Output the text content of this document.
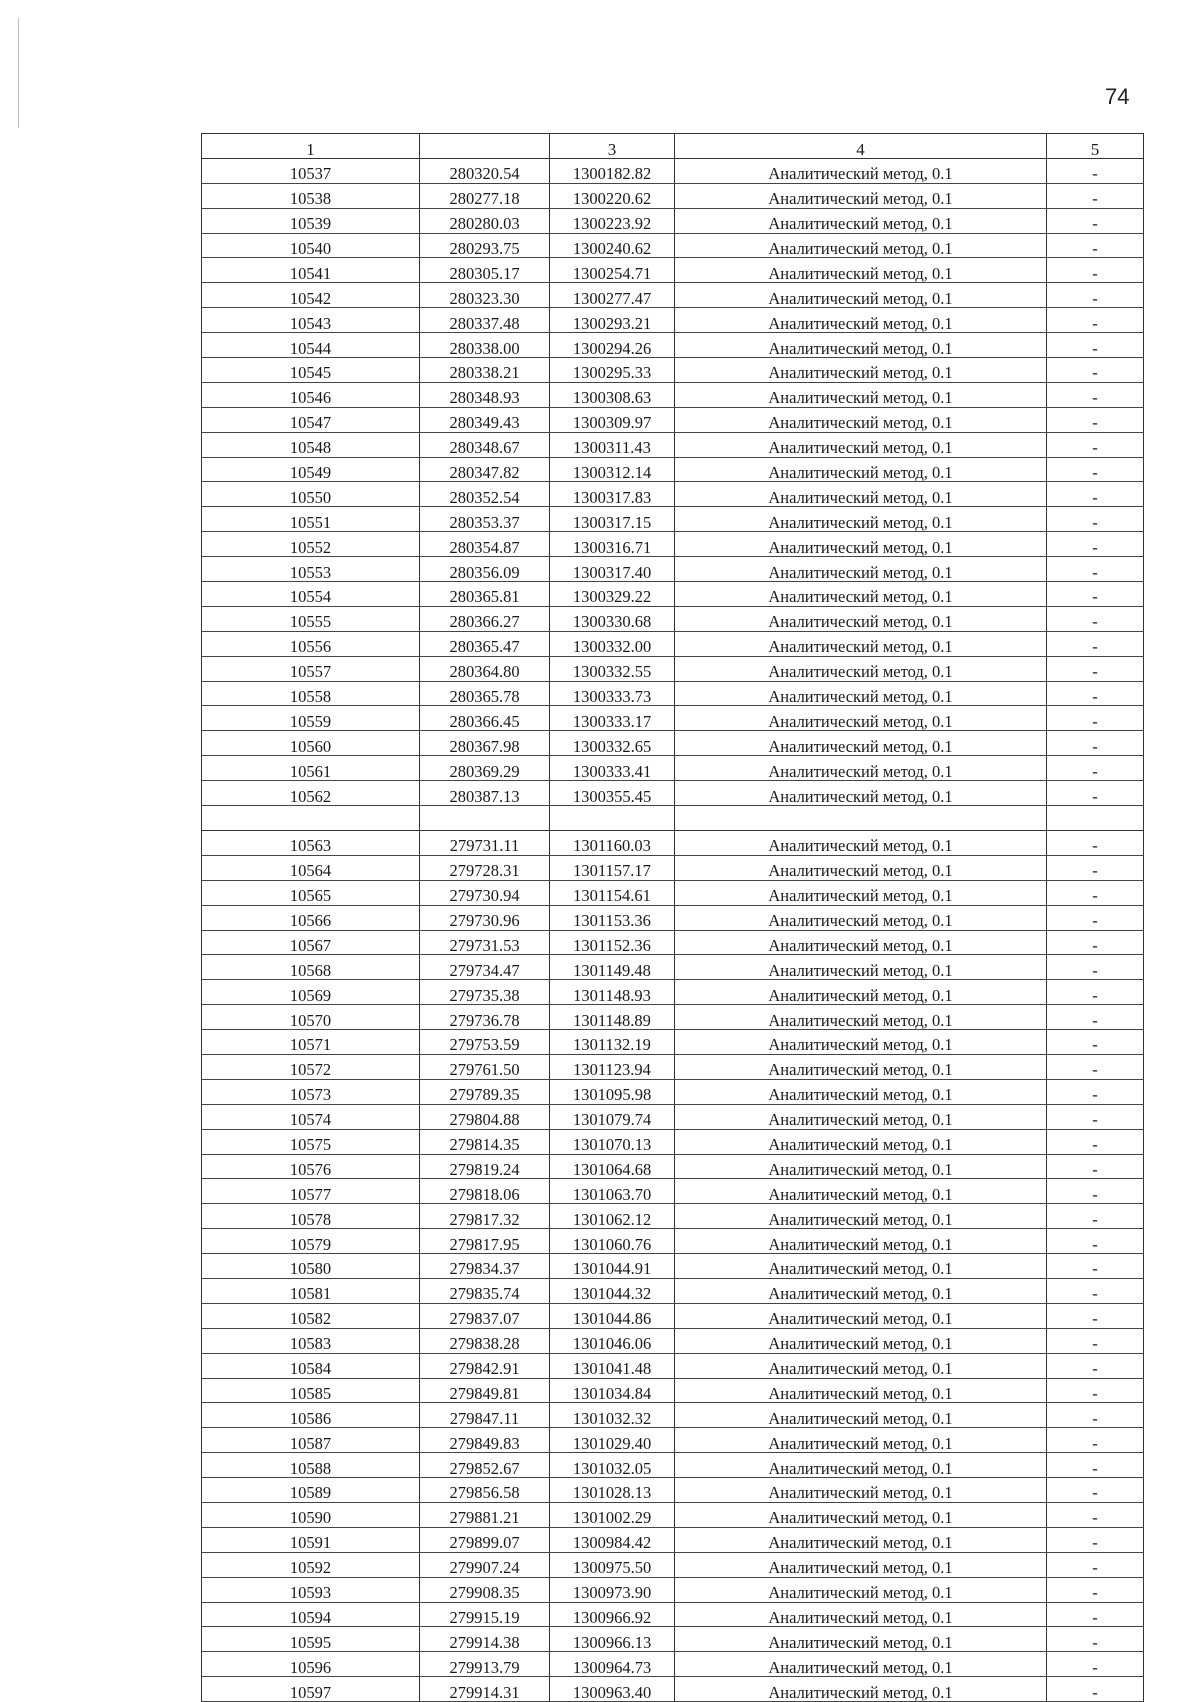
74
1		3	4	5
10537	280320.54	1300182.82	Аналитический метод, 0.1	-
10538	280277.18	1300220.62	Аналитический метод, 0.1	-
10539	280280.03	1300223.92	Аналитический метод, 0.1	-
10540	280293.75	1300240.62	Аналитический метод, 0.1	-
10541	280305.17	1300254.71	Аналитический метод, 0.1	-
10542	280323.30	1300277.47	Аналитический метод, 0.1	-
10543	280337.48	1300293.21	Аналитический метод, 0.1	-
10544	280338.00	1300294.26	Аналитический метод, 0.1	-
10545	280338.21	1300295.33	Аналитический метод, 0.1	-
10546	280348.93	1300308.63	Аналитический метод, 0.1	-
10547	280349.43	1300309.97	Аналитический метод, 0.1	-
10548	280348.67	1300311.43	Аналитический метод, 0.1	-
10549	280347.82	1300312.14	Аналитический метод, 0.1	-
10550	280352.54	1300317.83	Аналитический метод, 0.1	-
10551	280353.37	1300317.15	Аналитический метод, 0.1	-
10552	280354.87	1300316.71	Аналитический метод, 0.1	-
10553	280356.09	1300317.40	Аналитический метод, 0.1	-
10554	280365.81	1300329.22	Аналитический метод, 0.1	-
10555	280366.27	1300330.68	Аналитический метод, 0.1	-
10556	280365.47	1300332.00	Аналитический метод, 0.1	-
10557	280364.80	1300332.55	Аналитический метод, 0.1	-
10558	280365.78	1300333.73	Аналитический метод, 0.1	-
10559	280366.45	1300333.17	Аналитический метод, 0.1	-
10560	280367.98	1300332.65	Аналитический метод, 0.1	-
10561	280369.29	1300333.41	Аналитический метод, 0.1	-
10562	280387.13	1300355.45	Аналитический метод, 0.1	-

10563	279731.11	1301160.03	Аналитический метод, 0.1	-
10564	279728.31	1301157.17	Аналитический метод, 0.1	-
10565	279730.94	1301154.61	Аналитический метод, 0.1	-
10566	279730.96	1301153.36	Аналитический метод, 0.1	-
10567	279731.53	1301152.36	Аналитический метод, 0.1	-
10568	279734.47	1301149.48	Аналитический метод, 0.1	-
10569	279735.38	1301148.93	Аналитический метод, 0.1	-
10570	279736.78	1301148.89	Аналитический метод, 0.1	-
10571	279753.59	1301132.19	Аналитический метод, 0.1	-
10572	279761.50	1301123.94	Аналитический метод, 0.1	-
10573	279789.35	1301095.98	Аналитический метод, 0.1	-
10574	279804.88	1301079.74	Аналитический метод, 0.1	-
10575	279814.35	1301070.13	Аналитический метод, 0.1	-
10576	279819.24	1301064.68	Аналитический метод, 0.1	-
10577	279818.06	1301063.70	Аналитический метод, 0.1	-
10578	279817.32	1301062.12	Аналитический метод, 0.1	-
10579	279817.95	1301060.76	Аналитический метод, 0.1	-
10580	279834.37	1301044.91	Аналитический метод, 0.1	-
10581	279835.74	1301044.32	Аналитический метод, 0.1	-
10582	279837.07	1301044.86	Аналитический метод, 0.1	-
10583	279838.28	1301046.06	Аналитический метод, 0.1	-
10584	279842.91	1301041.48	Аналитический метод, 0.1	-
10585	279849.81	1301034.84	Аналитический метод, 0.1	-
10586	279847.11	1301032.32	Аналитический метод, 0.1	-
10587	279849.83	1301029.40	Аналитический метод, 0.1	-
10588	279852.67	1301032.05	Аналитический метод, 0.1	-
10589	279856.58	1301028.13	Аналитический метод, 0.1	-
10590	279881.21	1301002.29	Аналитический метод, 0.1	-
10591	279899.07	1300984.42	Аналитический метод, 0.1	-
10592	279907.24	1300975.50	Аналитический метод, 0.1	-
10593	279908.35	1300973.90	Аналитический метод, 0.1	-
10594	279915.19	1300966.92	Аналитический метод, 0.1	-
10595	279914.38	1300966.13	Аналитический метод, 0.1	-
10596	279913.79	1300964.73	Аналитический метод, 0.1	-
10597	279914.31	1300963.40	Аналитический метод, 0.1	-
